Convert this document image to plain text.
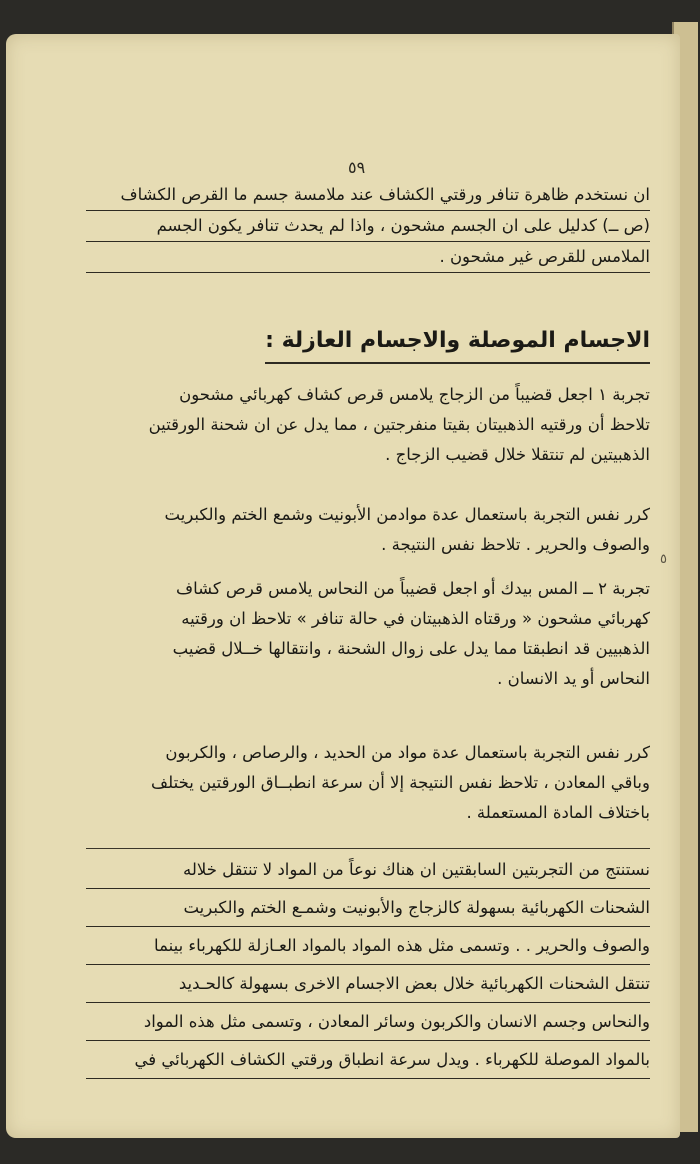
٥٩
٥

ان نستخدم ظاهرة تنافر ورقتي الكشاف عند ملامسة جسم ما القرص الكشاف

(ص ــ) كدليل على ان الجسم مشحون ، واذا لم يحدث تنافر يكون الجسم

الملامس للقرص غير مشحون .

الاجسام الموصلة والاجسام العازلة :

تجربة ١ اجعل قضيباً من الزجاج يلامس قرص كشاف كهربائي مشحون

تلاحظ أن ورقتيه الذهبيتان بقيتا منفرجتين ، مما يدل عن ان شحنة الورقتين

الذهبيتين لم تنتقلا خلال قضيب الزجاج .

كرر نفس التجربة باستعمال عدة موادمن الأبونيت وشمع الختم والكبريت

والصوف والحرير . تلاحظ نفس النتيجة .

تجربة ٢ ــ المس بيدك أو اجعل قضيباً من النحاس يلامس قرص كشاف

كهربائي مشحون « ورقتاه الذهبيتان في حالة تنافر » تلاحظ ان ورقتيه

الذهبيين قد انطبقتا مما يدل على زوال الشحنة ، وانتقالها خــلال قضيب

النحاس أو يد الانسان .

كرر نفس التجربة باستعمال عدة مواد من الحديد ، والرصاص ، والكربون

وباقي المعادن ، تلاحظ نفس النتيجة إلا أن سرعة انطبــاق الورقتين يختلف

باختلاف المادة المستعملة .

نستنتج من التجربتين السابقتين ان هناك نوعاً من المواد لا تنتقل خلاله

الشحنات الكهربائية بسهولة كالزجاج والأبونيت وشمـع الختم والكبريت

والصوف والحرير . . وتسمى مثل هذه المواد بالمواد العـازلة للكهرباء بينما

تنتقل الشحنات الكهربائية خلال بعض الاجسام الاخرى بسهولة كالحـديد

والنحاس وجسم الانسان والكربون وسائر المعادن ، وتسمى مثل هذه المواد

بالمواد الموصلة للكهرباء . ويدل سرعة انطباق ورقتي الكشاف الكهربائي في
